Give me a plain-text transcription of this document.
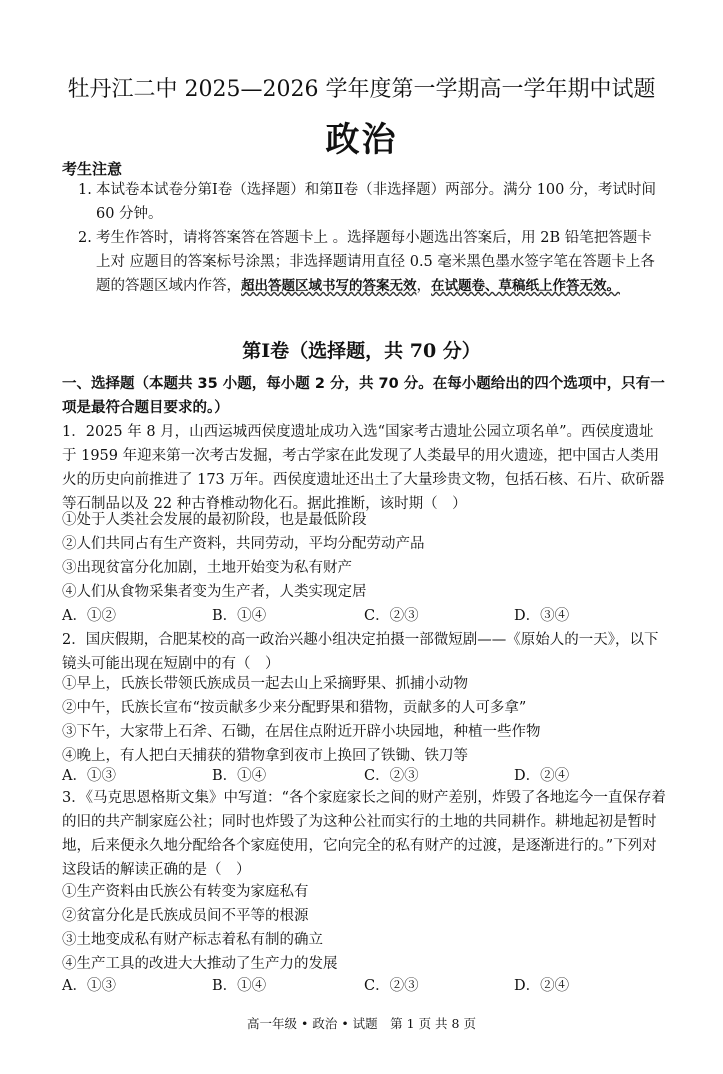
牡丹江二中 2025—2026 学年度第一学期高一学年期中试题
政治
考生注意
1. 本试卷本试卷分第Ⅰ卷（选择题）和第Ⅱ卷（非选择题）两部分。满分 100 分，考试时间 60 分钟。
2. 考生作答时，请将答案答在答题卡上 。选择题每小题选出答案后，用 2B 铅笔把答题卡上对 应题目的答案标号涂黑；非选择题请用直径 0.5 毫米黑色墨水签字笔在答题卡上各题的答题区域内作答，超出答题区域书写的答案无效，在试题卷、草稿纸上作答无效。
第Ⅰ卷（选择题，共 70 分）
一、选择题（本题共 35 小题，每小题 2 分，共 70 分。在每小题给出的四个选项中，只有一项是最符合题目要求的。）
1．2025 年 8 月，山西运城西侯度遗址成功入选“国家考古遗址公园立项名单”。西侯度遗址于 1959 年迎来第一次考古发掘，考古学家在此发现了人类最早的用火遗迹，把中国古人类用火的历史向前推进了 173 万年。西侯度遗址还出土了大量珍贵文物，包括石核、石片、砍斫器等石制品以及 22 种古脊椎动物化石。据此推断，该时期（　）
①处于人类社会发展的最初阶段，也是最低阶段
②人们共同占有生产资料，共同劳动，平均分配劳动产品
③出现贫富分化加剧，土地开始变为私有财产
④人们从食物采集者变为生产者，人类实现定居
A．①②	B．①④	C．②③	D．③④
2．国庆假期，合肥某校的高一政治兴趣小组决定拍摄一部微短剧——《原始人的一天》，以下镜头可能出现在短剧中的有（　）
①早上，氏族长带领氏族成员一起去山上采摘野果、抓捕小动物
②中午，氏族长宣布“按贡献多少来分配野果和猎物，贡献多的人可多拿”
③下午，大家带上石斧、石锄，在居住点附近开辟小块园地，种植一些作物
④晚上，有人把白天捕获的猎物拿到夜市上换回了铁锄、铁刀等
A．①③	B．①④	C．②③	D．②④
3．《马克思恩格斯文集》中写道：“各个家庭家长之间的财产差别，炸毁了各地迄今一直保存着的旧的共产制家庭公社；同时也炸毁了为这种公社而实行的土地的共同耕作。耕地起初是暂时地，后来便永久地分配给各个家庭使用，它向完全的私有财产的过渡，是逐渐进行的。”下列对这段话的解读正确的是（　）
①生产资料由氏族公有转变为家庭私有
②贫富分化是氏族成员间不平等的根源
③土地变成私有财产标志着私有制的确立
④生产工具的改进大大推动了生产力的发展
A．①③	B．①④	C．②③	D．②④
高一年级 • 政治 • 试题　第 1 页 共 8 页
